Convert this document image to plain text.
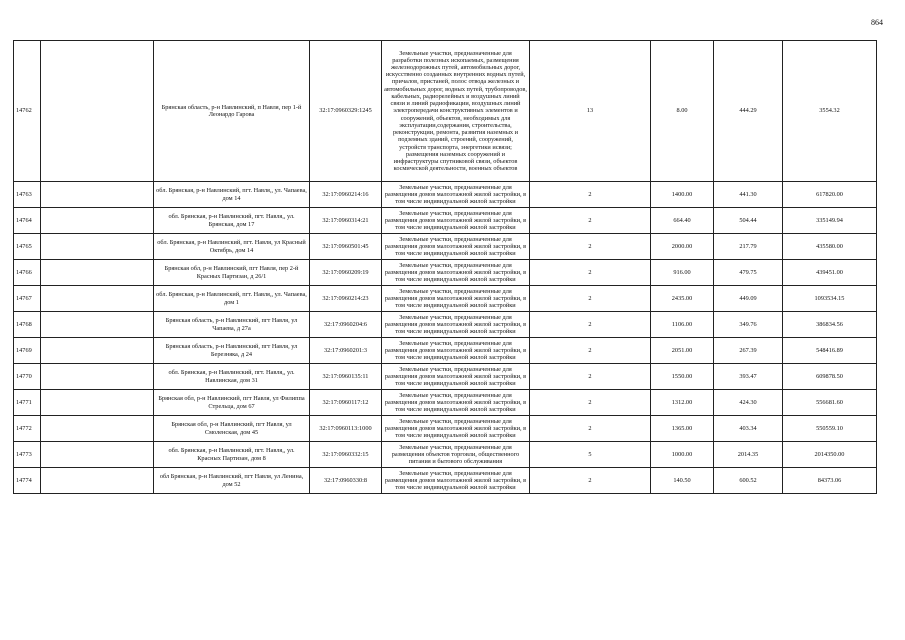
864
14762		Брянская область, р-н Навлинский, п Навля, пер 1-й Леонардо Гарова	32:17:0960329:1245	Земельные участки, предназначенные для разработки полезных ископаемых, размещения железнодорожных путей, автомобильных дорог, искусственно созданных внутренних водных путей, причалов, пристаней, полос отвода железных и автомобильных дорог, водных путей, трубопроводов, кабельных, радиорелейных и воздушных линий связи и линий радиофикации, воздушных линий электропередачи конструктивных элементов и сооружений, объектов, необходимых для эксплуатации,содержания, строительства, реконструкции, ремонта, развития наземных и подземных зданий, строений, сооружений, устройств транспорта, энергетики исвязи; размещения наземных сооружений и инфраструктуры спутниковой связи, объектов космической деятельности, военных объектов	13	8.00	444.29	3554.32
14763		обл. Брянская, р-н Навлинский, пгт. Навля,, ул. Чапаева, дом 14	32:17:0960214:16	Земельные участки, предназначенные для размещения домов малоэтажной жилой застройки, в том числе индивидуальной жилой застройки	2	1400.00	441.30	617820.00
14764		обл. Брянская, р-н Навлинский, пгт. Навля,, ул. Брянская, дом 17	32:17:0960314:21	Земельные участки, предназначенные для размещения домов малоэтажной жилой застройки, в том числе индивидуальной жилой застройки	2	664.40	504.44	335149.94
14765		обл. Брянская, р-н Навлинский, пгт. Навля, ул Красный Октябрь, дом 14	32:17:0960501:45	Земельные участки, предназначенные для размещения домов малоэтажной жилой застройки, в том числе индивидуальной жилой застройки	2	2000.00	217.79	435580.00
14766		Брянская обл, р-н Навлинский, пгт Навля, пер 2-й Красных Партизан, д 26/1	32:17:0960209:19	Земельные участки, предназначенные для размещения домов малоэтажной жилой застройки, в том числе индивидуальной жилой застройки	2	916.00	479.75	439451.00
14767		обл. Брянская, р-н Навлинский, пгт. Навля,, ул. Чапаева, дом 1	32:17:0960214:23	Земельные участки, предназначенные для размещения домов малоэтажной жилой застройки, в том числе индивидуальной жилой застройки	2	2435.00	449.09	1093534.15
14768		Брянская область, р-н Навлинский, пгт Навля, ул Чапаева, д 27а	32:17:0960204:6	Земельные участки, предназначенные для размещения домов малоэтажной жилой застройки, в том числе индивидуальной жилой застройки	2	1106.00	349.76	386834.56
14769		Брянская область, р-н Навлинский, пгт Навля, ул Березняка, д 24	32:17:0960201:3	Земельные участки, предназначенные для размещения домов малоэтажной жилой застройки, в том числе индивидуальной жилой застройки	2	2051.00	267.39	548416.89
14770		обл. Брянская, р-н Навлинский, пгт. Навля,, ул. Навлинская, дом 31	32:17:0960135:11	Земельные участки, предназначенные для размещения домов малоэтажной жилой застройки, в том числе индивидуальной жилой застройки	2	1550.00	393.47	609878.50
14771		Брянская обл, р-н Навлинский, пгт Навля, ул Филиппа Стрельца, дом 67	32:17:0960117:12	Земельные участки, предназначенные для размещения домов малоэтажной жилой застройки, в том числе индивидуальной жилой застройки	2	1312.00	424.30	556681.60
14772		Брянская обл, р-н Навлинский, пгт Навля, ул Смоленская, дом 45	32:17:0960113:1000	Земельные участки, предназначенные для размещения домов малоэтажной жилой застройки, в том числе индивидуальной жилой застройки	2	1365.00	403.34	550559.10
14773		обл. Брянская, р-н Навлинский, пгт. Навля,, ул. Красных Партизан, дом 8	32:17:0960332:15	Земельные участки, предназначенные для размещения объектов торговли, общественного питания и бытового обслуживания	5	1000.00	2014.35	2014350.00
14774		обл Брянская, р-н Навлинский, пгт Навля, ул Ленина, дом 52	32:17:0960330:8	Земельные участки, предназначенные для размещения домов малоэтажной жилой застройки, в том числе индивидуальной жилой застройки	2	140.50	600.52	84373.06
